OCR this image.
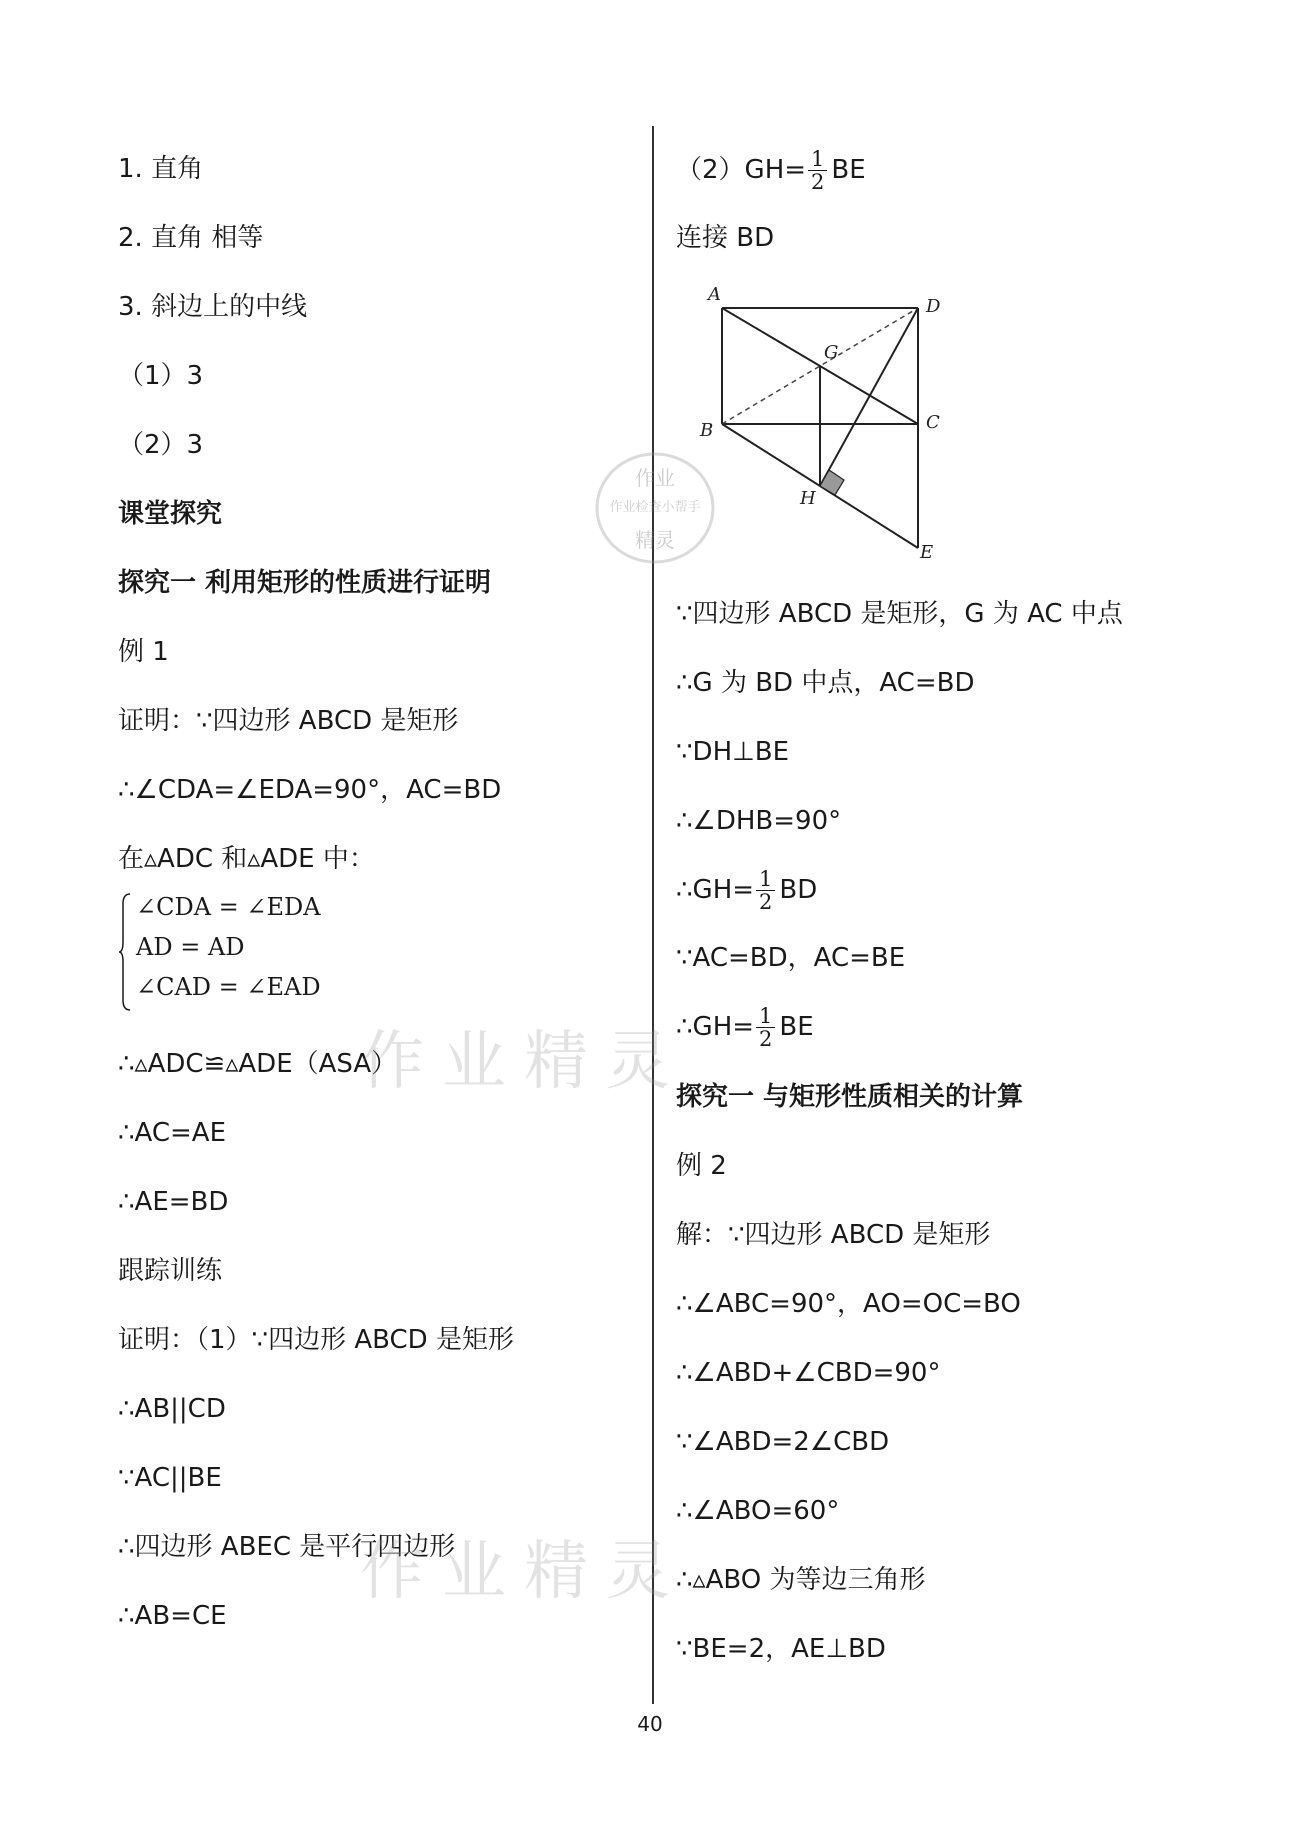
1. 直角
2. 直角 相等
3. 斜边上的中线
（1）3
（2）3
课堂探究
探究一 利用矩形的性质进行证明
例 1
证明：∵四边形 ABCD 是矩形
∴∠CDA=∠EDA=90°，AC=BD
在▵ADC 和▵ADE 中：
∴▵ADC≌▵ADE（ASA）
∴AC=AE
∴AE=BD
跟踪训练
证明：（1）∵四边形 ABCD 是矩形
∴AB||CD
∵AC||BE
∴四边形 ABEC 是平行四边形
∴AB=CE
∠CDA = ∠EDA
AD = AD
∠CAD = ∠EAD
$(2)GH= \frac{1}{2}$ BE
连接 BD
∵四边形 ABCD 是矩形，G 为 AC 中点
∴G 为 BD 中点，AC=BD
∵DH⊥BE
∴∠DHB=90°
∴GH= $\frac{1}{2}$ BD
∵AC=BD，AC=BE
∴GH= $\frac{1}{2}$ BE
探究一 与矩形性质相关的计算
例 2
解：∵四边形 ABCD 是矩形
∴∠ABC=90°，AO=OC=BO
∴∠ABD+∠CBD=90°
∵∠ABD=2∠CBD
∴∠ABO=60°
∴▵ABO 为等边三角形
∵BE=2，AE⊥BD
A
D
B	C
G
H
E
作业
作业检查小帮手
精灵
作业精灵
作业精灵
40
